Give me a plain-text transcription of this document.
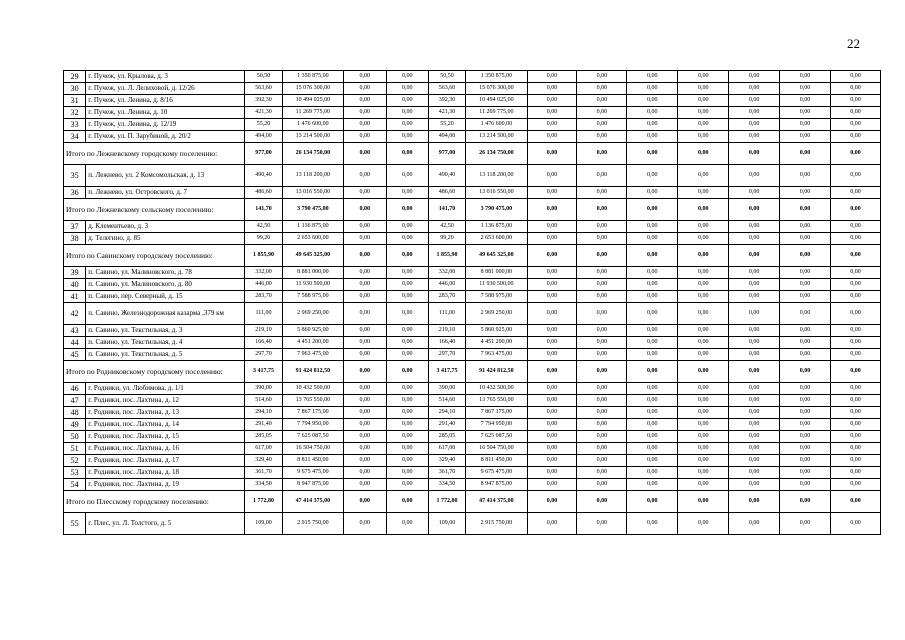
22
29	г. Пучеж, ул. Крылова, д. 3	50,50	1 350 875,00	0,00	0,00	50,50	1 350 875,00	0,00	0,00	0,00	0,00	0,00	0,00	0,00
30	г. Пучеж, ул. Л. Лелиховой, д. 12/26	563,60	15 076 300,00	0,00	0,00	563,60	15 076 300,00	0,00	0,00	0,00	0,00	0,00	0,00	0,00
31	г. Пучеж, ул. Ленина, д. 8/16	392,30	10 494 025,00	0,00	0,00	392,30	10 494 025,00	0,00	0,00	0,00	0,00	0,00	0,00	0,00
32	г. Пучеж, ул. Ленина, д. 10	421,30	11 269 775,00	0,00	0,00	421,30	11 269 775,00	0,00	0,00	0,00	0,00	0,00	0,00	0,00
33	г. Пучеж, ул. Ленина, д. 12/19	55,20	1 476 600,00	0,00	0,00	55,20	1 476 600,00	0,00	0,00	0,00	0,00	0,00	0,00	0,00
34	г. Пучеж, ул. П. Зарубиной, д. 20/2	494,00	13 214 500,00	0,00	0,00	494,00	13 214 500,00	0,00	0,00	0,00	0,00	0,00	0,00	0,00
Итого по Лежневскому городскому поселению:		977,00	26 134 750,00	0,00	0,00	977,00	26 134 750,00	0,00	0,00	0,00	0,00	0,00	0,00	0,00
35	п. Лежнево, ул. 2 Комсомольская, д. 13	490,40	13 118 200,00	0,00	0,00	490,40	13 118 200,00	0,00	0,00	0,00	0,00	0,00	0,00	0,00
36	п. Лежнево, ул. Островского, д. 7	486,60	13 016 550,00	0,00	0,00	486,60	13 016 550,00	0,00	0,00	0,00	0,00	0,00	0,00	0,00
Итого по Лежневскому сельскому поселению:		141,70	3 790 475,00	0,00	0,00	141,70	3 790 475,00	0,00	0,00	0,00	0,00	0,00	0,00	0,00
37	д. Клементьево, д. 3	42,50	1 136 875,00	0,00	0,00	42,50	1 136 875,00	0,00	0,00	0,00	0,00	0,00	0,00	0,00
38	д. Телегино, д. 85	99,20	2 653 600,00	0,00	0,00	99,20	2 653 600,00	0,00	0,00	0,00	0,00	0,00	0,00	0,00
Итого по Савинскому городскому поселению:		1 855,90	49 645 325,00	0,00	0,00	1 855,90	49 645 325,00	0,00	0,00	0,00	0,00	0,00	0,00	0,00
39	п. Савино, ул. Малиновского, д. 78	332,00	8 881 000,00	0,00	0,00	332,00	8 881 000,00	0,00	0,00	0,00	0,00	0,00	0,00	0,00
40	п. Савино, ул. Малиновского, д. 80	446,00	11 930 500,00	0,00	0,00	446,00	11 930 500,00	0,00	0,00	0,00	0,00	0,00	0,00	0,00
41	п. Савино, пер. Северный, д. 15	283,70	7 588 975,00	0,00	0,00	283,70	7 588 975,00	0,00	0,00	0,00	0,00	0,00	0,00	0,00
42	п. Савино, Железнодорожная казарма ,379 км	111,00	2 969 250,00	0,00	0,00	111,00	2 969 250,00	0,00	0,00	0,00	0,00	0,00	0,00	0,00
43	п. Савино, ул. Текстильная, д. 3	219,10	5 860 925,00	0,00	0,00	219,10	5 860 925,00	0,00	0,00	0,00	0,00	0,00	0,00	0,00
44	п. Савино, ул. Текстильная, д. 4	166,40	4 451 200,00	0,00	0,00	166,40	4 451 200,00	0,00	0,00	0,00	0,00	0,00	0,00	0,00
45	п. Савино, ул. Текстильная, д. 5	297,70	7 963 475,00	0,00	0,00	297,70	7 963 475,00	0,00	0,00	0,00	0,00	0,00	0,00	0,00
Итого по Родниковскому городскому поселению:		3 417,75	91 424 812,50	0,00	0,00	3 417,75	91 424 812,50	0,00	0,00	0,00	0,00	0,00	0,00	0,00
46	г. Родники, ул. Любимова, д. 1/1	390,00	10 432 500,00	0,00	0,00	390,00	10 432 500,00	0,00	0,00	0,00	0,00	0,00	0,00	0,00
47	г. Родники, пос. Лахтина, д. 12	514,60	13 765 550,00	0,00	0,00	514,60	13 765 550,00	0,00	0,00	0,00	0,00	0,00	0,00	0,00
48	г. Родники, пос. Лахтина, д. 13	294,10	7 867 175,00	0,00	0,00	294,10	7 867 175,00	0,00	0,00	0,00	0,00	0,00	0,00	0,00
49	г. Родники, пос. Лахтина, д. 14	291,40	7 794 950,00	0,00	0,00	291,40	7 794 950,00	0,00	0,00	0,00	0,00	0,00	0,00	0,00
50	г. Родники, пос. Лахтина, д. 15	285,05	7 625 087,50	0,00	0,00	285,05	7 625 087,50	0,00	0,00	0,00	0,00	0,00	0,00	0,00
51	г. Родники, пос. Лахтина, д. 16	617,00	16 504 750,00	0,00	0,00	617,00	16 504 750,00	0,00	0,00	0,00	0,00	0,00	0,00	0,00
52	г. Родники, пос. Лахтина, д. 17	329,40	8 811 450,00	0,00	0,00	329,40	8 811 450,00	0,00	0,00	0,00	0,00	0,00	0,00	0,00
53	г. Родники, пос. Лахтина, д. 18	361,70	9 675 475,00	0,00	0,00	361,70	9 675 475,00	0,00	0,00	0,00	0,00	0,00	0,00	0,00
54	г. Родники, пос. Лахтина, д. 19	334,50	8 947 875,00	0,00	0,00	334,50	8 947 875,00	0,00	0,00	0,00	0,00	0,00	0,00	0,00
Итого по Плесскому городскому поселению:		1 772,80	47 414 375,00	0,00	0,00	1 772,80	47 414 375,00	0,00	0,00	0,00	0,00	0,00	0,00	0,00
55	г. Плес, ул. Л. Толстого, д. 5	109,00	2 915 750,00	0,00	0,00	109,00	2 915 750,00	0,00	0,00	0,00	0,00	0,00	0,00	0,00
